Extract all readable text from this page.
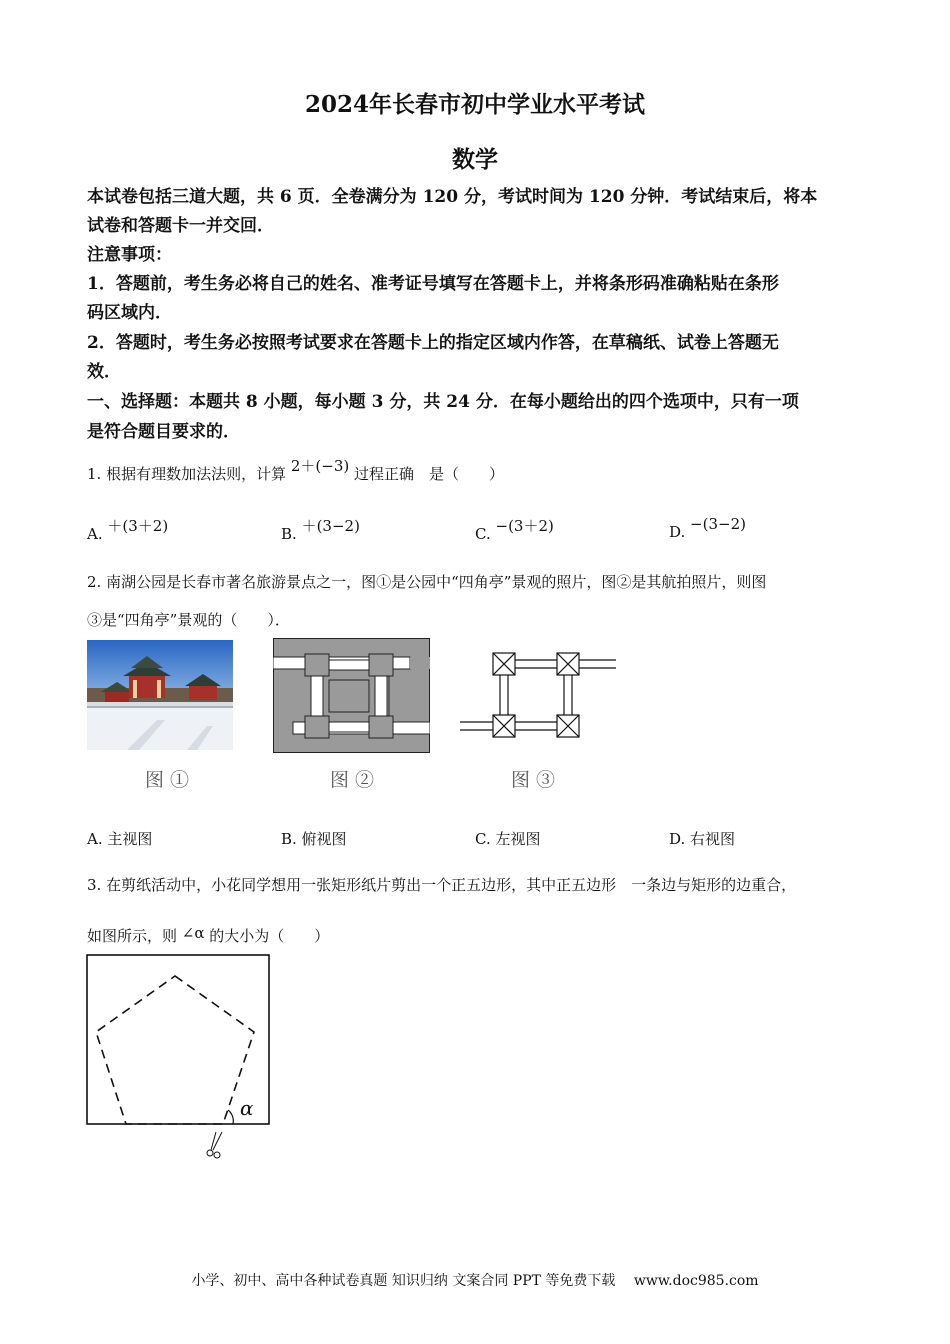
2024年长春市初中学业水平考试
数学
本试卷包括三道大题，共 6 页．全卷满分为 120 分，考试时间为 120 分钟．考试结束后，将本
试卷和答题卡一并交回．
注意事项：
1．答题前，考生务必将自己的姓名、准考证号填写在答题卡上，并将条形码准确粘贴在条形
码区域内．
2．答题时，考生务必按照考试要求在答题卡上的指定区域内作答，在草稿纸、试卷上答题无
效．
一、选择题：本题共 8 小题，每小题 3 分，共 24 分．在每小题给出的四个选项中，只有一项
是符合题目要求的．
1. 根据有理数加法法则，计算 2＋(−3) 过程正确　是（　　）
A. ＋(3＋2)	B. ＋(3−2)	C. −(3＋2)	D. −(3−2)
2. 南湖公园是长春市著名旅游景点之一，图①是公园中“四角亭”景观的照片，图②是其航拍照片，则图
③是“四角亭”景观的（　　）．
图 ①	图 ②	图 ③
A. 主视图	B. 俯视图	C. 左视图	D. 右视图
3. 在剪纸活动中，小花同学想用一张矩形纸片剪出一个正五边形，其中正五边形　一条边与矩形的边重合，
如图所示，则 ∠α 的大小为（　　）
α
小学、初中、高中各种试卷真题 知识归纳 文案合同 PPT 等免费下载　 www.doc985.com
